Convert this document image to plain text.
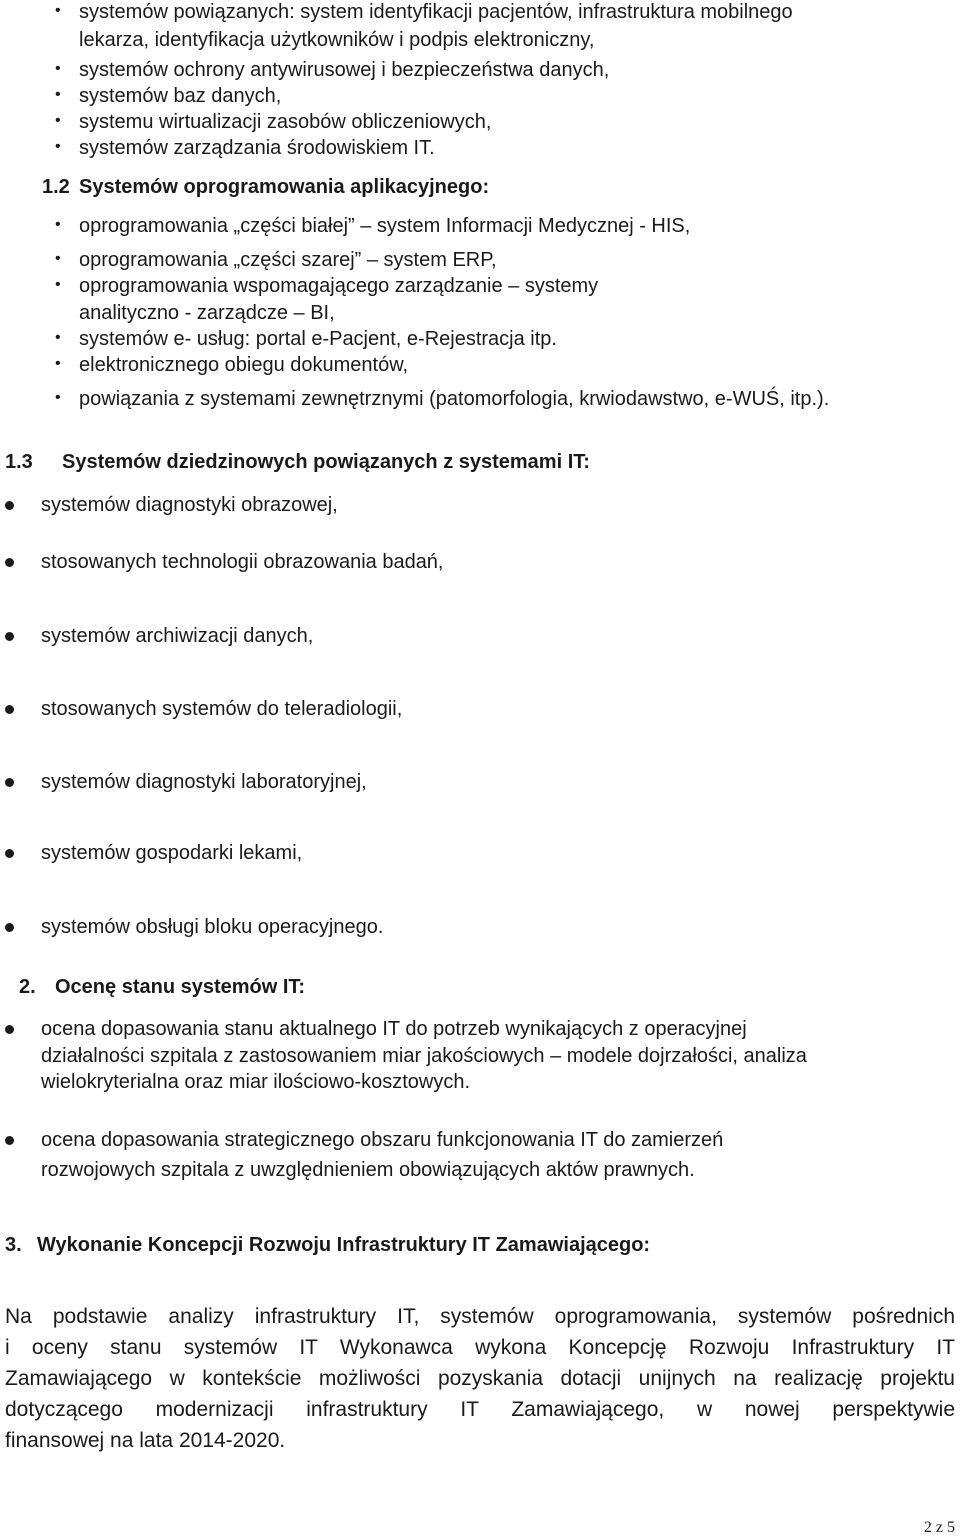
• systemów powiązanych: system identyfikacji pacjentów, infrastruktura mobilnego
lekarza, identyfikacja użytkowników i podpis elektroniczny,
• systemów ochrony antywirusowej i bezpieczeństwa danych,
• systemów baz danych,
• systemu wirtualizacji zasobów obliczeniowych,
• systemów zarządzania środowiskiem IT.
1.2 Systemów oprogramowania aplikacyjnego:
• oprogramowania „części białej” – system Informacji Medycznej - HIS,
• oprogramowania „części szarej” – system ERP,
• oprogramowania wspomagającego zarządzanie – systemy
analityczno - zarządcze – BI,
• systemów e- usług: portal e-Pacjent, e-Rejestracja itp.
• elektronicznego obiegu dokumentów,
• powiązania z systemami zewnętrznymi (patomorfologia, krwiodawstwo, e-WUŚ, itp.).
1.3 Systemów dziedzinowych powiązanych z systemami IT:
systemów diagnostyki obrazowej,
stosowanych technologii obrazowania badań,
systemów archiwizacji danych,
stosowanych systemów do teleradiologii,
systemów diagnostyki laboratoryjnej,
systemów gospodarki lekami,
systemów obsługi bloku operacyjnego.
2. Ocenę stanu systemów IT:
ocena dopasowania stanu aktualnego IT do potrzeb wynikających z operacyjnej
działalności szpitala z zastosowaniem miar jakościowych – modele dojrzałości, analiza
wielokryterialna oraz miar ilościowo-kosztowych.
ocena dopasowania strategicznego obszaru funkcjonowania IT do zamierzeń
rozwojowych szpitala z uwzględnieniem obowiązujących aktów prawnych.
3. Wykonanie Koncepcji Rozwoju Infrastruktury IT Zamawiającego:
Na podstawie analizy infrastruktury IT, systemów oprogramowania, systemów pośrednich
i oceny stanu systemów IT Wykonawca wykona Koncepcję Rozwoju Infrastruktury IT
Zamawiającego w kontekście możliwości pozyskania dotacji unijnych na realizację projektu
dotyczącego modernizacji infrastruktury IT Zamawiającego, w nowej perspektywie
finansowej na lata 2014-2020.
2 z 5
